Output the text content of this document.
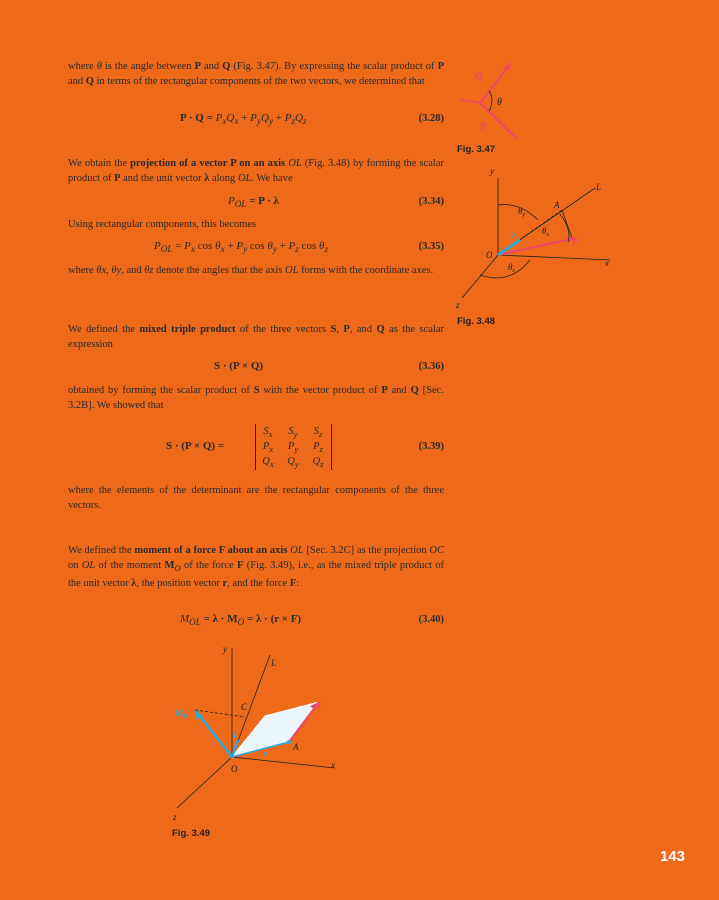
where θ is the angle between P and Q (Fig. 3.47). By expressing the scalar product of P and Q in terms of the rectangular components of the two vectors, we determined that
$P \cdot Q = P_xQ_x + P_yQ_y + P_zQ_z$	(3.28)
We obtain the projection of a vector P on an axis OL (Fig. 3.48) by forming the scalar product of P and the unit vector λ along OL. We have
$P_{OL} = P \cdot \lambda$	(3.34)
Using rectangular components, this becomes
$P_{OL} = P_x$ $\cos \theta_x + P_y$ $\cos \theta_y + P_z$ $\cos \theta_z$	(3.35)
where θx, θy, and θz denote the angles that the axis OL forms with the coordinate axes.
We defined the mixed triple product of the three vectors S, P, and Q as the scalar expression
S · (P × Q)	(3.36)
obtained by forming the scalar product of S with the vector product of P and Q [Sec. 3.2B]. We showed that
S · (P × Q) =	(3.39)
$S_x$	$S_y$	$S_z$
$P_x$	$P_y$	$P_z$
$Q_x$	$Q_y$	$Q_z$
where the elements of the determinant are the rectangular components of the three vectors.
We defined the moment of a force F about an axis OL [Sec. 3.2C] as the projection OC on OL of the moment $M_O$ of the force F (Fig. 3.49), i.e., as the mixed triple product of the unit vector λ, the position vector r, and the force F:
$M_{OL} = \lambda \cdot M_O = \lambda \cdot (r \times F)$	(3.40)
Q
θ
P
Fig. 3.47
y
x
z
L
A
O
P
λ
$\theta_y$
$\theta_x$
$\theta_z$
Fig. 3.48
y
x
z
L
C
O
A
F
$M_O$
r
λ
Fig. 3.49
143
